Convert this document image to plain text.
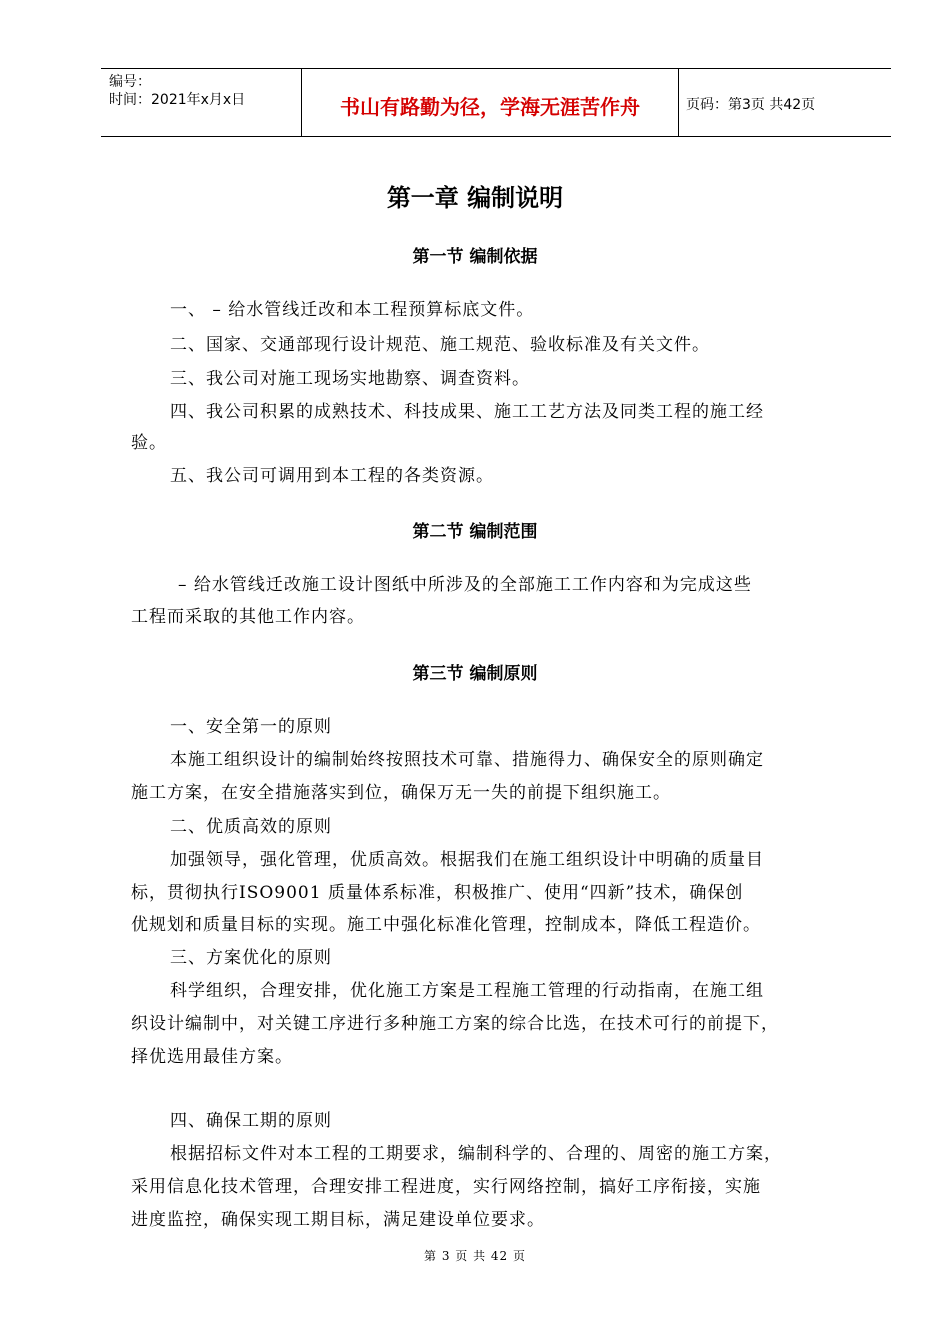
编号：
时间：2021年x月x日	书山有路勤为径，学海无涯苦作舟	页码：第3页 共42页
第一章 编制说明
第一节 编制依据
一、 – 给水管线迁改和本工程预算标底文件。
二、国家、交通部现行设计规范、施工规范、验收标准及有关文件。
三、我公司对施工现场实地勘察、调查资料。
四、我公司积累的成熟技术、科技成果、施工工艺方法及同类工程的施工经
验。
五、我公司可调用到本工程的各类资源。
第二节 编制范围
– 给水管线迁改施工设计图纸中所涉及的全部施工工作内容和为完成这些
工程而采取的其他工作内容。
第三节 编制原则
一、安全第一的原则
本施工组织设计的编制始终按照技术可靠、措施得力、确保安全的原则确定
施工方案，在安全措施落实到位，确保万无一失的前提下组织施工。
二、优质高效的原则
加强领导，强化管理，优质高效。根据我们在施工组织设计中明确的质量目
标，贯彻执行ISO9001 质量体系标准，积极推广、使用“四新”技术，确保创
优规划和质量目标的实现。施工中强化标准化管理，控制成本，降低工程造价。
三、方案优化的原则
科学组织，合理安排，优化施工方案是工程施工管理的行动指南，在施工组
织设计编制中，对关键工序进行多种施工方案的综合比选，在技术可行的前提下，
择优选用最佳方案。
四、确保工期的原则
根据招标文件对本工程的工期要求，编制科学的、合理的、周密的施工方案，
采用信息化技术管理，合理安排工程进度，实行网络控制，搞好工序衔接，实施
进度监控，确保实现工期目标，满足建设单位要求。
第 3 页 共 42 页
